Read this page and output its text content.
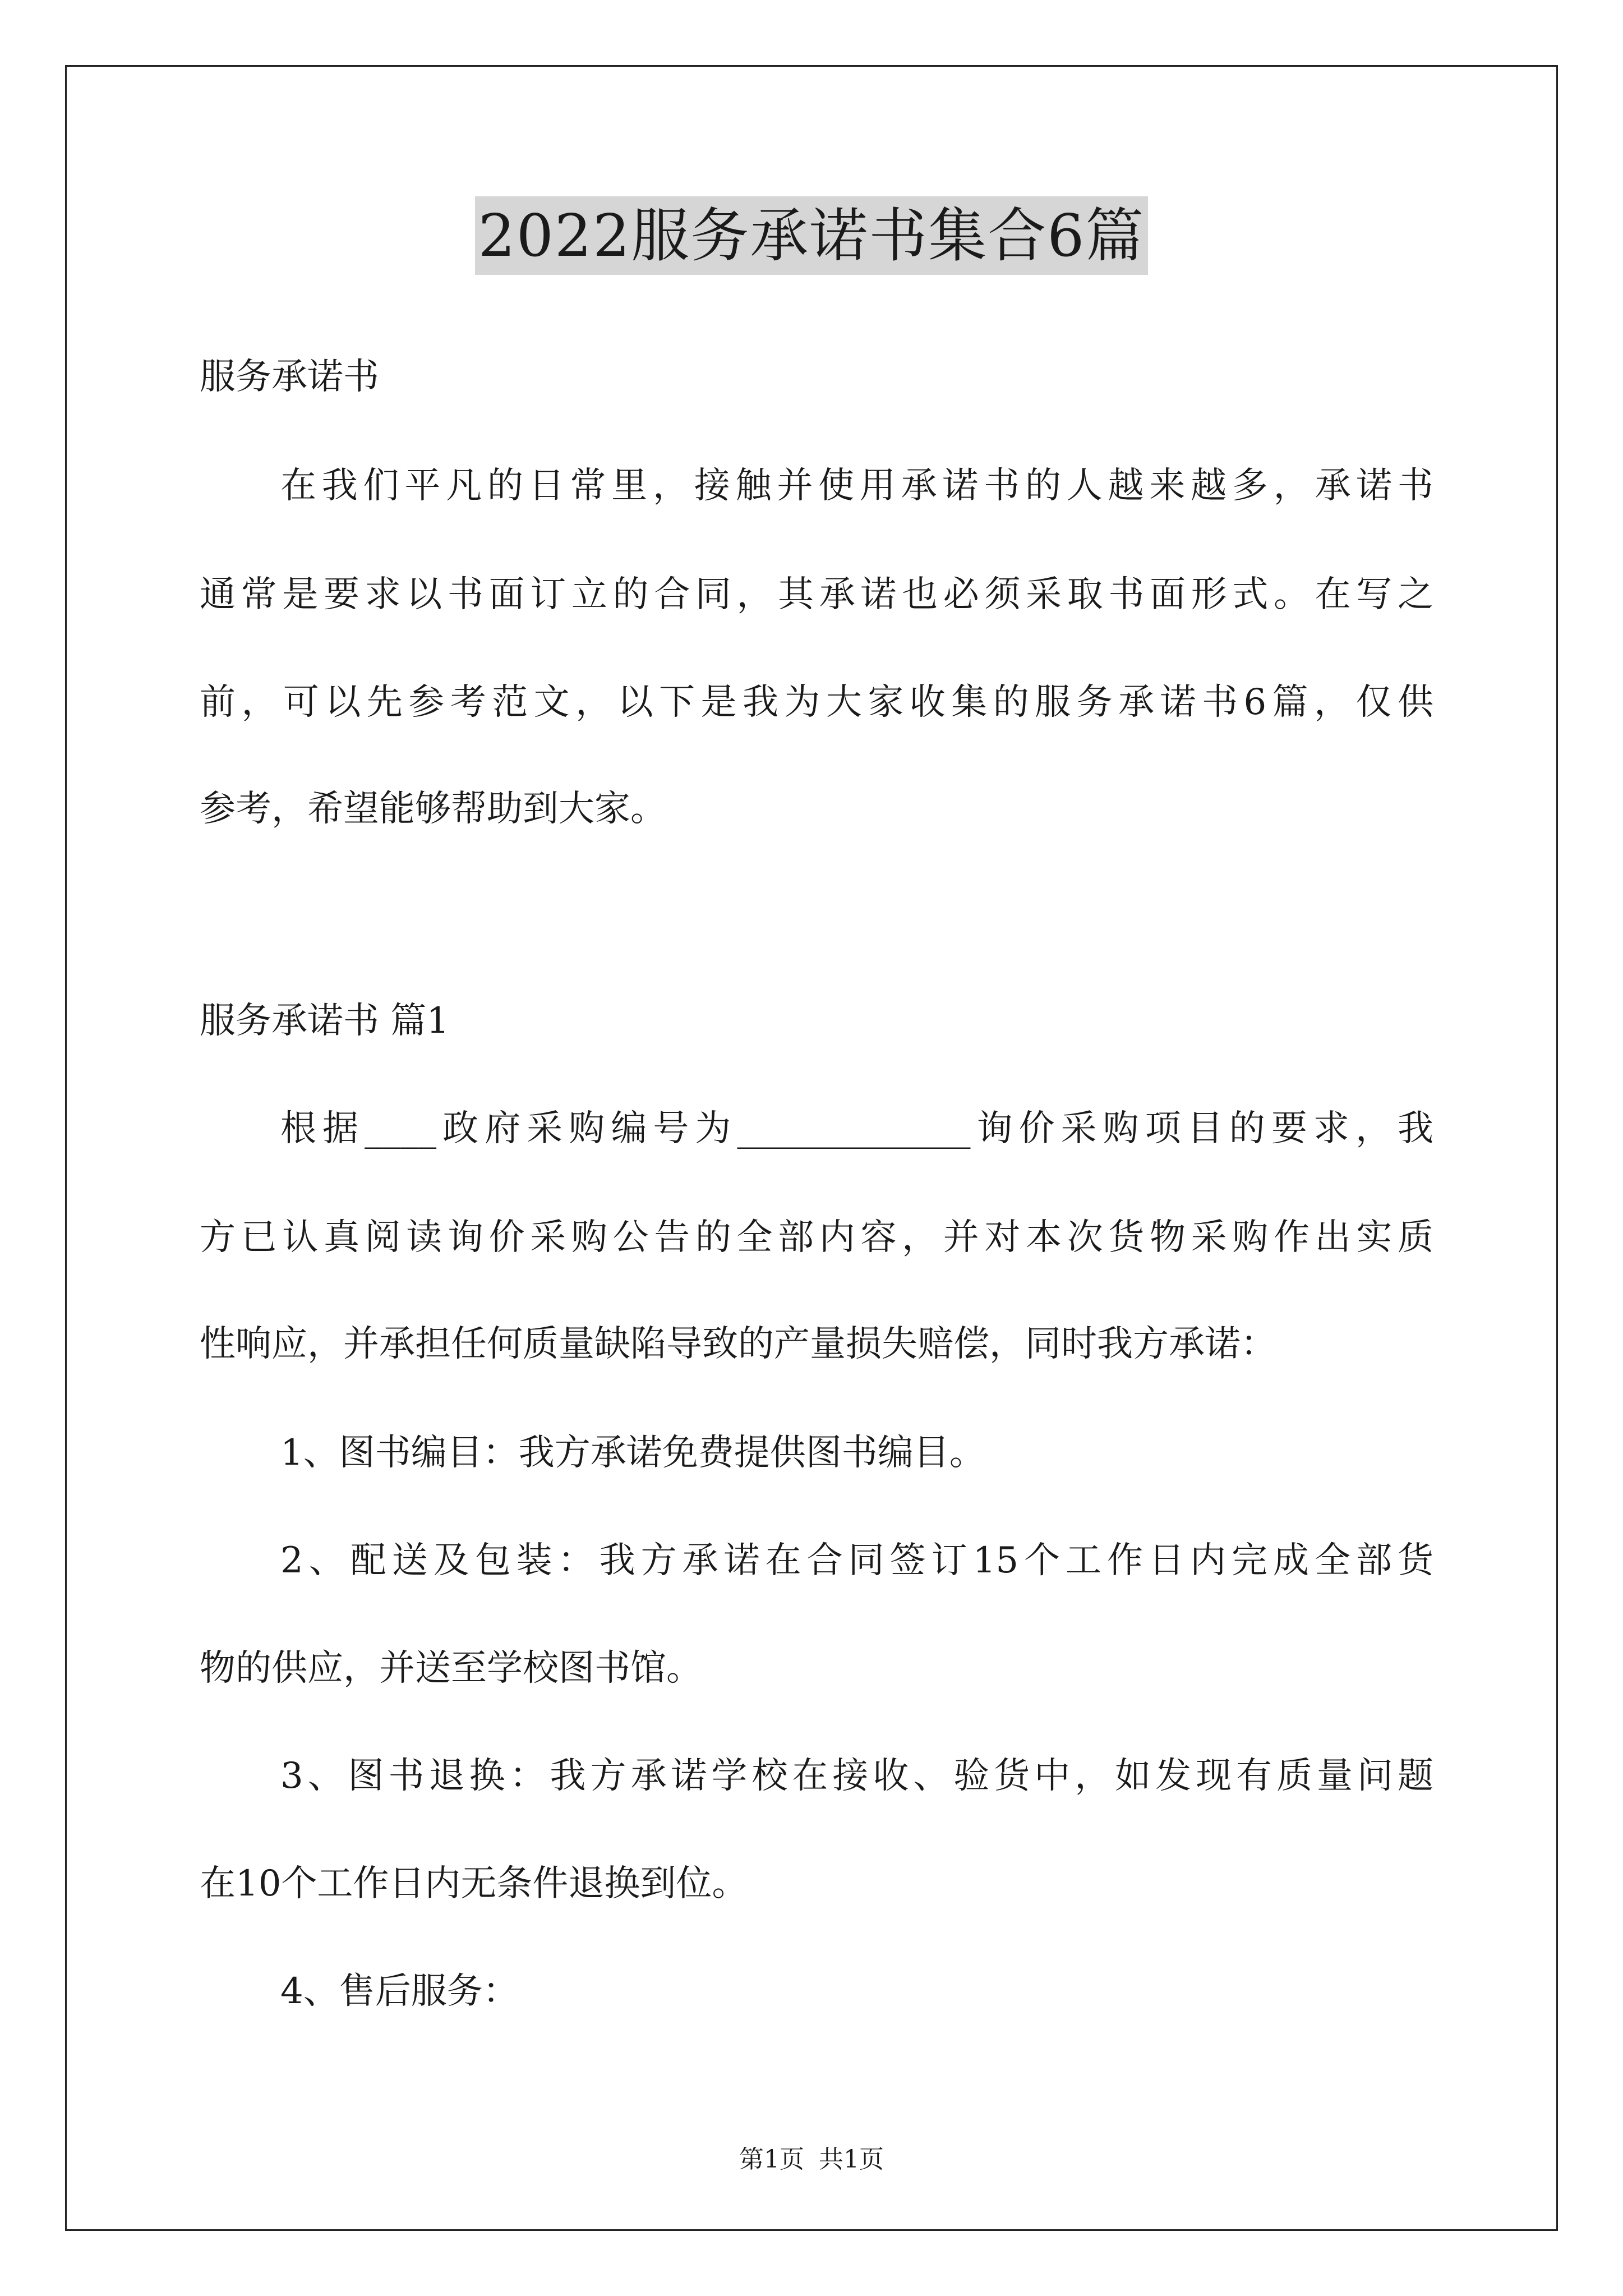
2022服务承诺书集合6篇
服务承诺书
在我们平凡的日常里，接触并使用承诺书的人越来越多，承诺书
通常是要求以书面订立的合同，其承诺也必须采取书面形式。在写之
前，可以先参考范文，以下是我为大家收集的服务承诺书6篇，仅供
参考，希望能够帮助到大家。
服务承诺书 篇1
根据____政府采购编号为_____________询价采购项目的要求，我
方已认真阅读询价采购公告的全部内容，并对本次货物采购作出实质
性响应，并承担任何质量缺陷导致的产量损失赔偿，同时我方承诺：
1、图书编目：我方承诺免费提供图书编目。
2、配送及包装：我方承诺在合同签订15个工作日内完成全部货
物的供应，并送至学校图书馆。
3、图书退换：我方承诺学校在接收、验货中，如发现有质量问题
在10个工作日内无条件退换到位。
4、售后服务：
第1页 共1页
